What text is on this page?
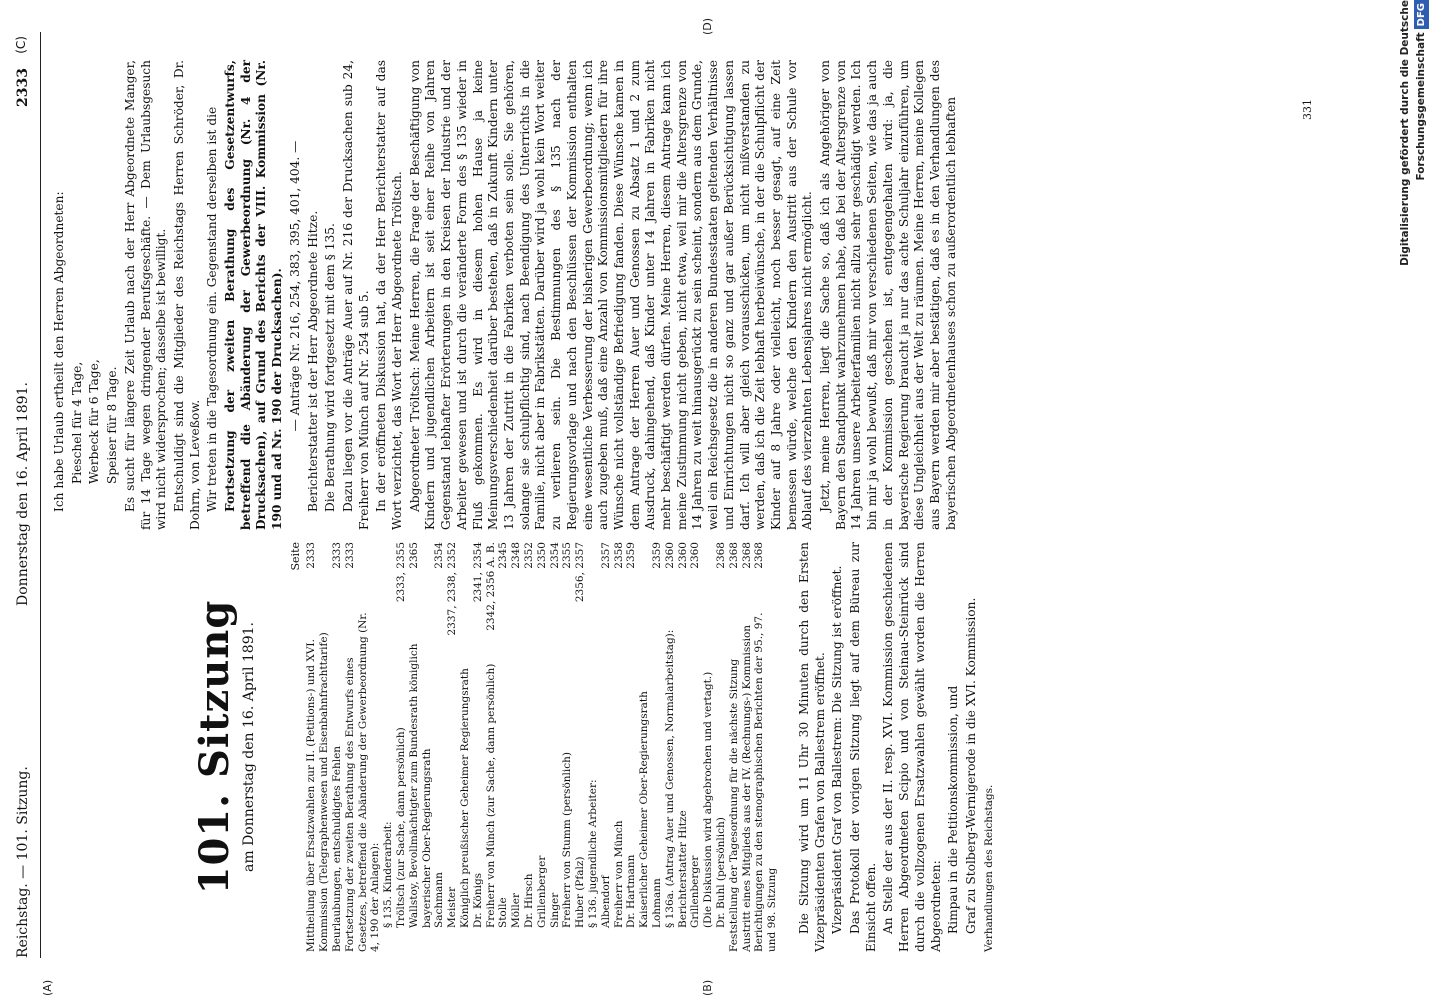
Reichstag. — 101. Sitzung.
Donnerstag den 16. April 1891.
2333
(C)
(A)	(B)
(D)
101. Sitzung am Donnerstag den 16. April 1891.
Seite
Mittheilung über Ersatzwahlen zur II. (Petitions-) und XVI. Kommission (Telegraphenwesen und Eisenbahnfrachttarife)
2333
Beurlaubungen, entschuldigtes Fehlen
2333
Fortsetzung der zweiten Berathung des Entwurfs eines Gesetzes, betreffend die Abänderung der Gewerbeordnung (Nr. 4, 190 der Anlagen):
2333
§ 135. Kinderarbeit: Tröltsch (zur Sache, dann persönlich)
2333, 2355
Wallstoy, Bevollmächtigter zum Bundesrath königlich bayerischer Ober-Regierungsrath
2365
Sachmann
2354
Meister
2337, 2338, 2352
Königlich preußischer Geheimer Regierungsrath Dr. Königs
2341, 2354
Freiherr von Münch (zur Sache, dann persönlich)
2342, 2356 A. B.
Stolle
2345
Möller
2348
Dr. Hirsch
2352
Grillenberger
2350
Singer
2354
Freiherr von Stumm (persönlich)
2355
Huber (Pfalz)
2356, 2357
§ 136. jugendliche Arbeiter: Albendorf
2357
Freiherr von Münch
2358
Dr. Hartmann
2359
Kaiserlicher Geheimer Ober-Regierungsrath Lohmann
2359
§ 136a. (Antrag Auer und Genossen, Normalarbeitstag):
2360
Berichterstatter Hitze
2360
Grillenberger
2360
(Die Diskussion wird abgebrochen und vertagt.) Dr. Buhl (persönlich)
2368
Feststellung der Tagesordnung für die nächste Sitzung
2368
Austritt eines Mitglieds aus der IV. (Rechnungs-) Kommission
2368
Berichtigungen zu den stenographischen Berichten der 95., 97. und 98. Sitzung
2368	Die Sitzung wird um 11 Uhr 30 Minuten durch den Ersten Vizepräsidenten Grafen von Ballestrem eröffnet. Vizepräsident Graf von Ballestrem: Die Sitzung ist eröffnet. Das Protokoll der vorigen Sitzung liegt auf dem Büreau zur Einsicht offen. An Stelle der aus der II. resp. XVI. Kommission geschiedenen Herren Abgeordneten Scipio und von Steinau-Steinrück sind durch die vollzogenen Ersatzwahlen gewählt worden die Herren Abgeordneten: Rimpau in die Petitionskommission, und Graf zu Stolberg-Wernigerode in die XVI. Kommission. Verhandlungen des Reichstags.
Ich habe Urlaub ertheilt den Herren Abgeordneten: Pieschel für 4 Tage, Werbeck für 6 Tage, Speiser für 8 Tage. Es sucht für längere Zeit Urlaub nach der Herr Abgeordnete Manger, für 14 Tage wegen dringender Berufsgeschäfte. — Dem Urlaubsgesuch wird nicht widersprochen; dasselbe ist bewilligt. Entschuldigt sind die Mitglieder des Reichstags Herren Schröder, Dr. Dohrn, von Leveßow. Wir treten in die Tagesordnung ein. Gegenstand derselben ist die Fortsetzung der zweiten Berathung des Gesetzentwurfs, betreffend die Abänderung der Gewerbeordnung (Nr. 4 der Drucksachen), auf Grund des Berichts der VIII. Kommission (Nr. 190 und ad Nr. 190 der Drucksachen). — Anträge Nr. 216, 254, 383, 395, 401, 404. — Berichterstatter ist der Herr Abgeordnete Hitze. Die Berathung wird fortgesetzt mit dem § 135. Dazu liegen vor die Anträge Auer auf Nr. 216 der Drucksachen sub 24, Freiherr von Münch auf Nr. 254 sub 5. In der eröffneten Diskussion hat, da der Herr Berichterstatter auf das Wort verzichtet, das Wort der Herr Abgeordnete Tröltsch. Abgeordneter Tröltsch: Meine Herren, die Frage der Beschäftigung von Kindern und jugendlichen Arbeitern ist seit einer Reihe von Jahren Gegenstand lebhafter Erörterungen in den Kreisen der Industrie und der Arbeiter gewesen und ist durch die veränderte Form des § 135 wieder in Fluß gekommen. Es wird in diesem hohen Hause ja keine Meinungsverschiedenheit darüber bestehen, daß in Zukunft Kindern unter 13 Jahren der Zutritt in die Fabriken verboten sein solle. Sie gehören, solange sie schulpflichtig sind, nach Beendigung des Unterrichts in die Familie, nicht aber in Fabrikstätten. Darüber wird ja wohl kein Wort weiter zu verlieren sein. Die Bestimmungen des § 135 nach der Regierungsvorlage und nach den Beschlüssen der Kommission enthalten eine wesentliche Verbesserung der bisherigen Gewerbeordnung; wenn ich auch zugeben muß, daß eine Anzahl von Kommissionsmitgliedern für ihre Wünsche nicht vollständige Befriedigung fanden. Diese Wünsche kamen in dem Antrage der Herren Auer und Genossen zu Absatz 1 und 2 zum Ausdruck, dahingehend, daß Kinder unter 14 Jahren in Fabriken nicht mehr beschäftigt werden dürfen. Meine Herren, diesem Antrage kann ich meine Zustimmung nicht geben, nicht etwa, weil mir die Altersgrenze von 14 Jahren zu weit hinausgerückt zu sein scheint, sondern aus dem Grunde, weil ein Reichsgesetz die in anderen Bundesstaaten geltenden Verhältnisse und Einrichtungen nicht so ganz und gar außer Berücksichtigung lassen darf. Ich will aber gleich vorausschicken, um nicht mißverstanden zu werden, daß ich die Zeit lebhaft herbeiwünsche, in der die Schulpflicht der Kinder auf 8 Jahre oder vielleicht, noch besser gesagt, auf eine Zeit bemessen würde, welche den Kindern den Austritt aus der Schule vor Ablauf des vierzehnten Lebensjahres nicht ermöglicht. Jetzt, meine Herren, liegt die Sache so, daß ich als Angehöriger von Bayern den Standpunkt wahrzunehmen habe, daß bei der Altersgrenze von 14 Jahren unsere Arbeiterfamilien nicht allzu sehr geschädigt werden. Ich bin mir ja wohl bewußt, daß mir von verschiedenen Seiten, wie das ja auch in der Kommission geschehen ist, entgegengehalten wird: ja, die bayerische Regierung braucht ja nur das achte Schuljahr einzuführen, um diese Ungleichheit aus der Welt zu räumen. Meine Herren, meine Kollegen aus Bayern werden mir aber bestätigen, daß es in den Verhandlungen des bayerischen Abgeordnetenhauses schon zu außerordentlich lebhaften	Digitalisierung gefördert durch die Deutsche ForschungsgemeinschaftDFG
331
